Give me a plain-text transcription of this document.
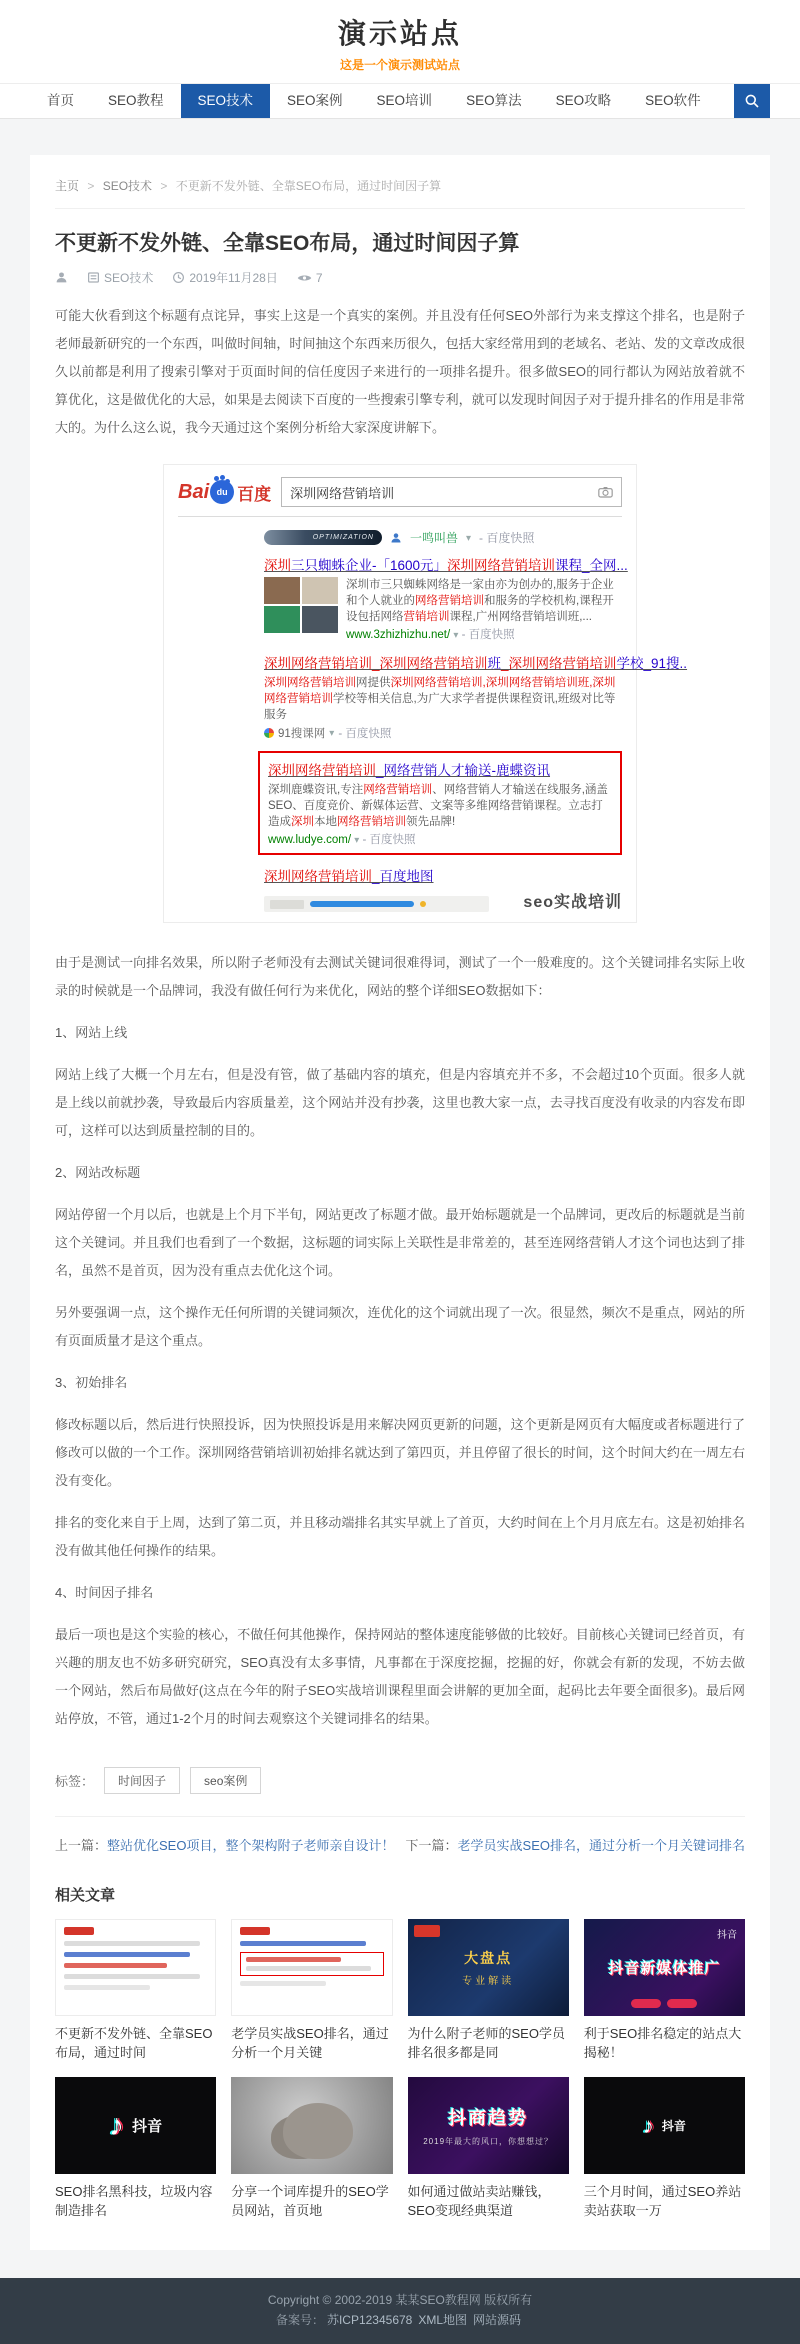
演示站点
这是一个演示测试站点
首页	SEO教程	SEO技术	SEO案例	SEO培训	SEO算法	SEO攻略	SEO软件
主页 > SEO技术 > 不更新不发外链、全靠SEO布局，通过时间因子算
不更新不发外链、全靠SEO布局，通过时间因子算
SEO技术	2019年11月28日	7

可能大伙看到这个标题有点诧异，事实上这是一个真实的案例。并且没有任何SEO外部行为来支撑这个排名，也是附子老师最新研究的一个东西，叫做时间轴，时间抽这个东西来历很久，包括大家经常用到的老域名、老站、发的文章改成很久以前都是利用了搜索引擎对于页面时间的信任度因子来进行的一项排名提升。很多做SEO的同行都认为网站放着就不算优化，这是做优化的大忌，如果是去阅读下百度的一些搜索引擎专利，就可以发现时间因子对于提升排名的作用是非常大的。为什么这么说，我今天通过这个案例分析给大家深度讲解下。

Bai du 百度 深圳网络营销培训
OPTIMIZATION	一鸣叫兽 ▾ - 百度快照
深圳三只蜘蛛企业-「1600元」深圳网络营销培训课程_全网...
深圳市三只蜘蛛网络是一家由亦为创办的,服务于企业和个人就业的网络营销培训和服务的学校机构,课程开设包括网络营销培训课程,广州网络营销培训班,...
www.3zhizhizhu.net/ ▾ - 百度快照
深圳网络营销培训_深圳网络营销培训班_深圳网络营销培训学校_91搜..
深圳网络营销培训网提供深圳网络营销培训,深圳网络营销培训班,深圳网络营销培训学校等相关信息,为广大求学者提供课程资讯,班级对比等服务
91搜课网 ▾ - 百度快照
深圳网络营销培训_网络营销人才输送-鹿蝶资讯
深圳鹿蝶资讯,专注网络营销培训、网络营销人才输送在线服务,涵盖SEO、百度竞价、新媒体运营、文案等多维网络营销课程。立志打造成深圳本地网络营销培训领先品牌!
www.ludye.com/ ▾ - 百度快照
深圳网络营销培训_百度地图
seo实战培训

由于是测试一向排名效果，所以附子老师没有去测试关键词很难得词，测试了一个一般难度的。这个关键词排名实际上收录的时候就是一个品牌词，我没有做任何行为来优化，网站的整个详细SEO数据如下：

1、网站上线

网站上线了大概一个月左右，但是没有管，做了基础内容的填充，但是内容填充并不多，不会超过10个页面。很多人就是上线以前就抄袭，导致最后内容质量差，这个网站并没有抄袭，这里也教大家一点，去寻找百度没有收录的内容发布即可，这样可以达到质量控制的目的。

2、网站改标题

网站停留一个月以后，也就是上个月下半旬，网站更改了标题才做。最开始标题就是一个品牌词，更改后的标题就是当前这个关键词。并且我们也看到了一个数据，这标题的词实际上关联性是非常差的，甚至连网络营销人才这个词也达到了排名，虽然不是首页，因为没有重点去优化这个词。

另外要强调一点，这个操作无任何所谓的关键词频次，连优化的这个词就出现了一次。很显然，频次不是重点，网站的所有页面质量才是这个重点。

3、初始排名

修改标题以后，然后进行快照投诉，因为快照投诉是用来解决网页更新的问题，这个更新是网页有大幅度或者标题进行了修改可以做的一个工作。深圳网络营销培训初始排名就达到了第四页，并且停留了很长的时间，这个时间大约在一周左右没有变化。

排名的变化来自于上周，达到了第二页，并且移动端排名其实早就上了首页，大约时间在上个月月底左右。这是初始排名没有做其他任何操作的结果。

4、时间因子排名

最后一项也是这个实验的核心，不做任何其他操作，保持网站的整体速度能够做的比较好。目前核心关键词已经首页，有兴趣的朋友也不妨多研究研究，SEO真没有太多事情，凡事都在于深度挖掘，挖掘的好，你就会有新的发现，不妨去做一个网站，然后布局做好(这点在今年的附子SEO实战培训课程里面会讲解的更加全面，起码比去年要全面很多)。最后网站停放，不管，通过1-2个月的时间去观察这个关键词排名的结果。

标签：	时间因子	seo案例
上一篇：整站优化SEO项目，整个架构附子老师亲自设计！ 下一篇：老学员实战SEO排名，通过分析一个月关键词排名
相关文章
不更新不发外链、全靠SEO布局，通过时间
老学员实战SEO排名，通过分析一个月关键
大盘点
专业解读
为什么附子老师的SEO学员排名很多都是同
抖音
抖音新媒体推广
利于SEO排名稳定的站点大揭秘！
♪ 抖音
SEO排名黑科技，垃圾内容制造排名
分享一个词库提升的SEO学员网站，首页地
抖商趋势
2019年最大的风口，你想想过？
如何通过做站卖站赚钱，SEO变现经典渠道
♪ 抖音
三个月时间，通过SEO养站卖站获取一万
Copyright © 2002-2019 某某SEO教程网 版权所有
备案号： 苏ICP12345678 XML地图 网站源码
